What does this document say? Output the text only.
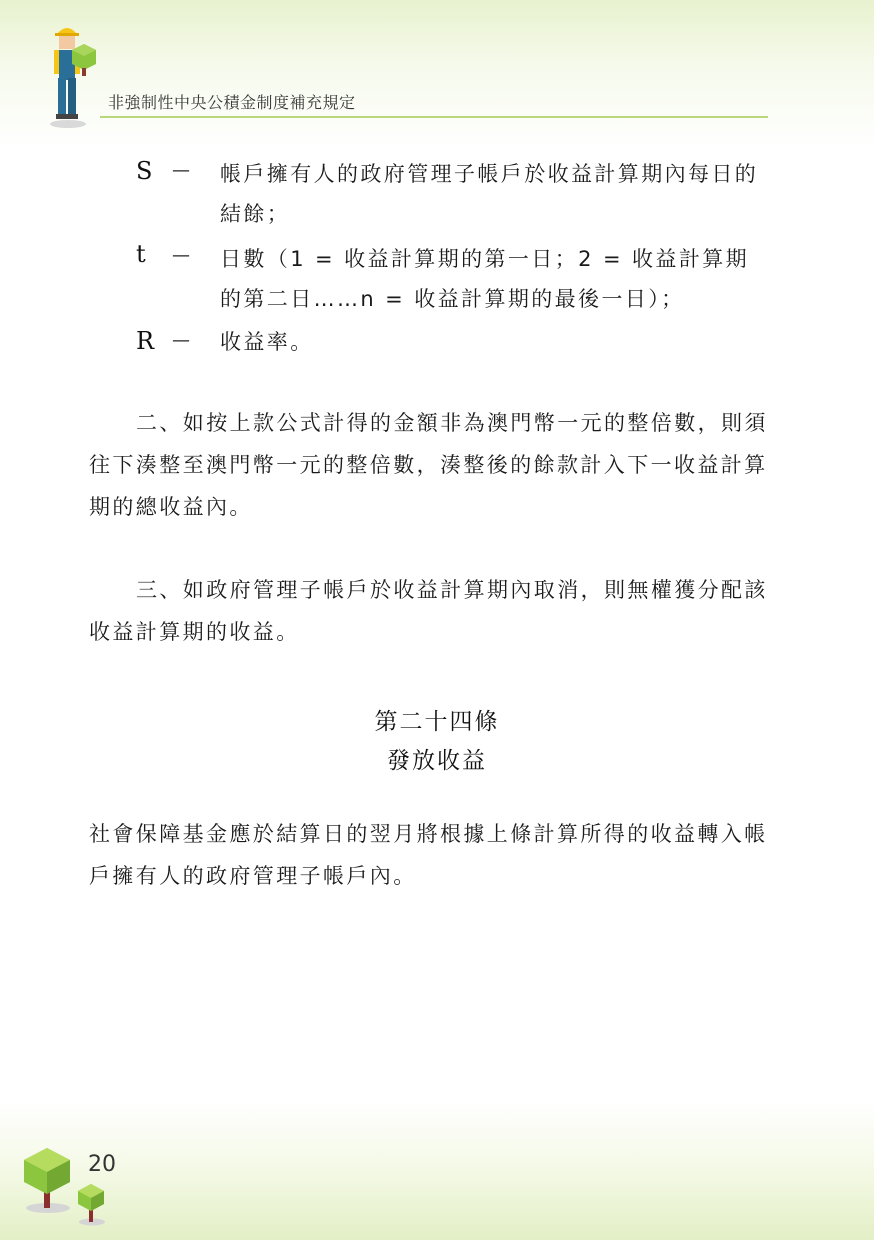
非強制性中央公積金制度補充規定
S — 帳戶擁有人的政府管理子帳戶於收益計算期內每日的結餘；
t — 日數（1 = 收益計算期的第一日；2 = 收益計算期的第二日……n = 收益計算期的最後一日）；
R — 收益率。
二、如按上款公式計得的金額非為澳門幣一元的整倍數，則須往下湊整至澳門幣一元的整倍數，湊整後的餘款計入下一收益計算期的總收益內。
三、如政府管理子帳戶於收益計算期內取消，則無權獲分配該收益計算期的收益。
第二十四條
發放收益
社會保障基金應於結算日的翌月將根據上條計算所得的收益轉入帳戶擁有人的政府管理子帳戶內。
20
